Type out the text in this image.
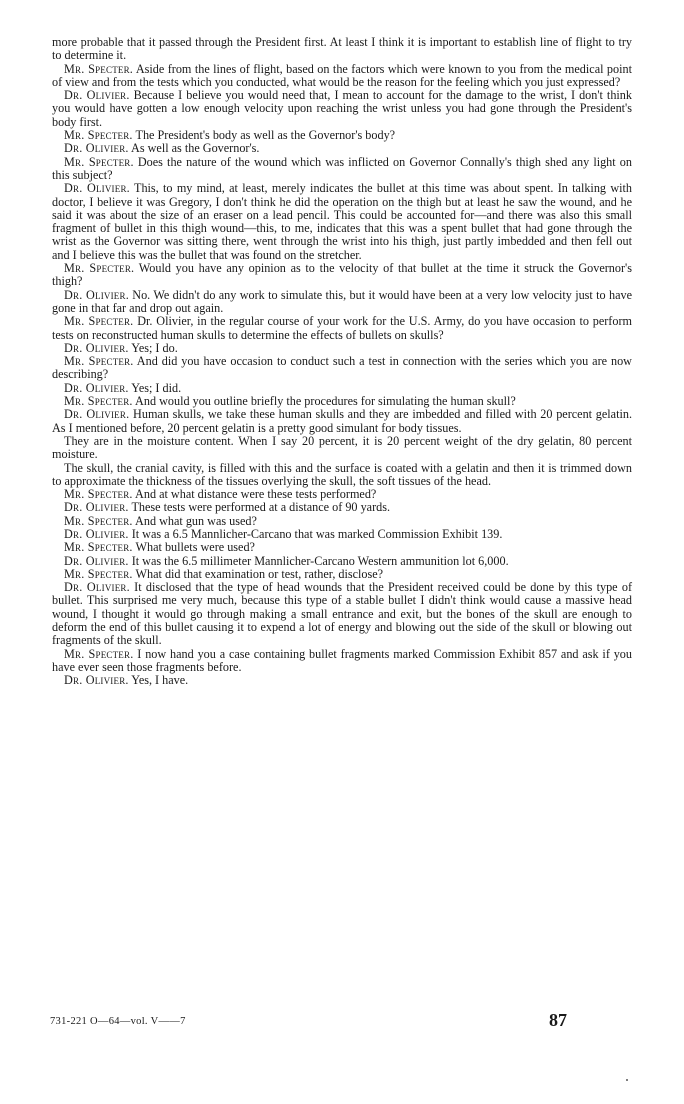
more probable that it passed through the President first. At least I think it is important to establish line of flight to try to determine it.

Mr. Specter. Aside from the lines of flight, based on the factors which were known to you from the medical point of view and from the tests which you conducted, what would be the reason for the feeling which you just expressed?

Dr. Olivier. Because I believe you would need that, I mean to account for the damage to the wrist, I don't think you would have gotten a low enough velocity upon reaching the wrist unless you had gone through the President's body first.

Mr. Specter. The President's body as well as the Governor's body?

Dr. Olivier. As well as the Governor's.

Mr. Specter. Does the nature of the wound which was inflicted on Governor Connally's thigh shed any light on this subject?

Dr. Olivier. This, to my mind, at least, merely indicates the bullet at this time was about spent. In talking with doctor, I believe it was Gregory, I don't think he did the operation on the thigh but at least he saw the wound, and he said it was about the size of an eraser on a lead pencil. This could be accounted for—and there was also this small fragment of bullet in this thigh wound—this, to me, indicates that this was a spent bullet that had gone through the wrist as the Governor was sitting there, went through the wrist into his thigh, just partly imbedded and then fell out and I believe this was the bullet that was found on the stretcher.

Mr. Specter. Would you have any opinion as to the velocity of that bullet at the time it struck the Governor's thigh?

Dr. Olivier. No. We didn't do any work to simulate this, but it would have been at a very low velocity just to have gone in that far and drop out again.

Mr. Specter. Dr. Olivier, in the regular course of your work for the U.S. Army, do you have occasion to perform tests on reconstructed human skulls to determine the effects of bullets on skulls?

Dr. Olivier. Yes; I do.

Mr. Specter. And did you have occasion to conduct such a test in connection with the series which you are now describing?

Dr. Olivier. Yes; I did.

Mr. Specter. And would you outline briefly the procedures for simulating the human skull?

Dr. Olivier. Human skulls, we take these human skulls and they are imbedded and filled with 20 percent gelatin. As I mentioned before, 20 percent gelatin is a pretty good simulant for body tissues.

They are in the moisture content. When I say 20 percent, it is 20 percent weight of the dry gelatin, 80 percent moisture.

The skull, the cranial cavity, is filled with this and the surface is coated with a gelatin and then it is trimmed down to approximate the thickness of the tissues overlying the skull, the soft tissues of the head.

Mr. Specter. And at what distance were these tests performed?

Dr. Olivier. These tests were performed at a distance of 90 yards.

Mr. Specter. And what gun was used?

Dr. Olivier. It was a 6.5 Mannlicher-Carcano that was marked Commission Exhibit 139.

Mr. Specter. What bullets were used?

Dr. Olivier. It was the 6.5 millimeter Mannlicher-Carcano Western ammunition lot 6,000.

Mr. Specter. What did that examination or test, rather, disclose?

Dr. Olivier. It disclosed that the type of head wounds that the President received could be done by this type of bullet. This surprised me very much, because this type of a stable bullet I didn't think would cause a massive head wound, I thought it would go through making a small entrance and exit, but the bones of the skull are enough to deform the end of this bullet causing it to expend a lot of energy and blowing out the side of the skull or blowing out fragments of the skull.

Mr. Specter. I now hand you a case containing bullet fragments marked Commission Exhibit 857 and ask if you have ever seen those fragments before.

Dr. Olivier. Yes, I have.

731-221 O—64—vol. V——7	87
